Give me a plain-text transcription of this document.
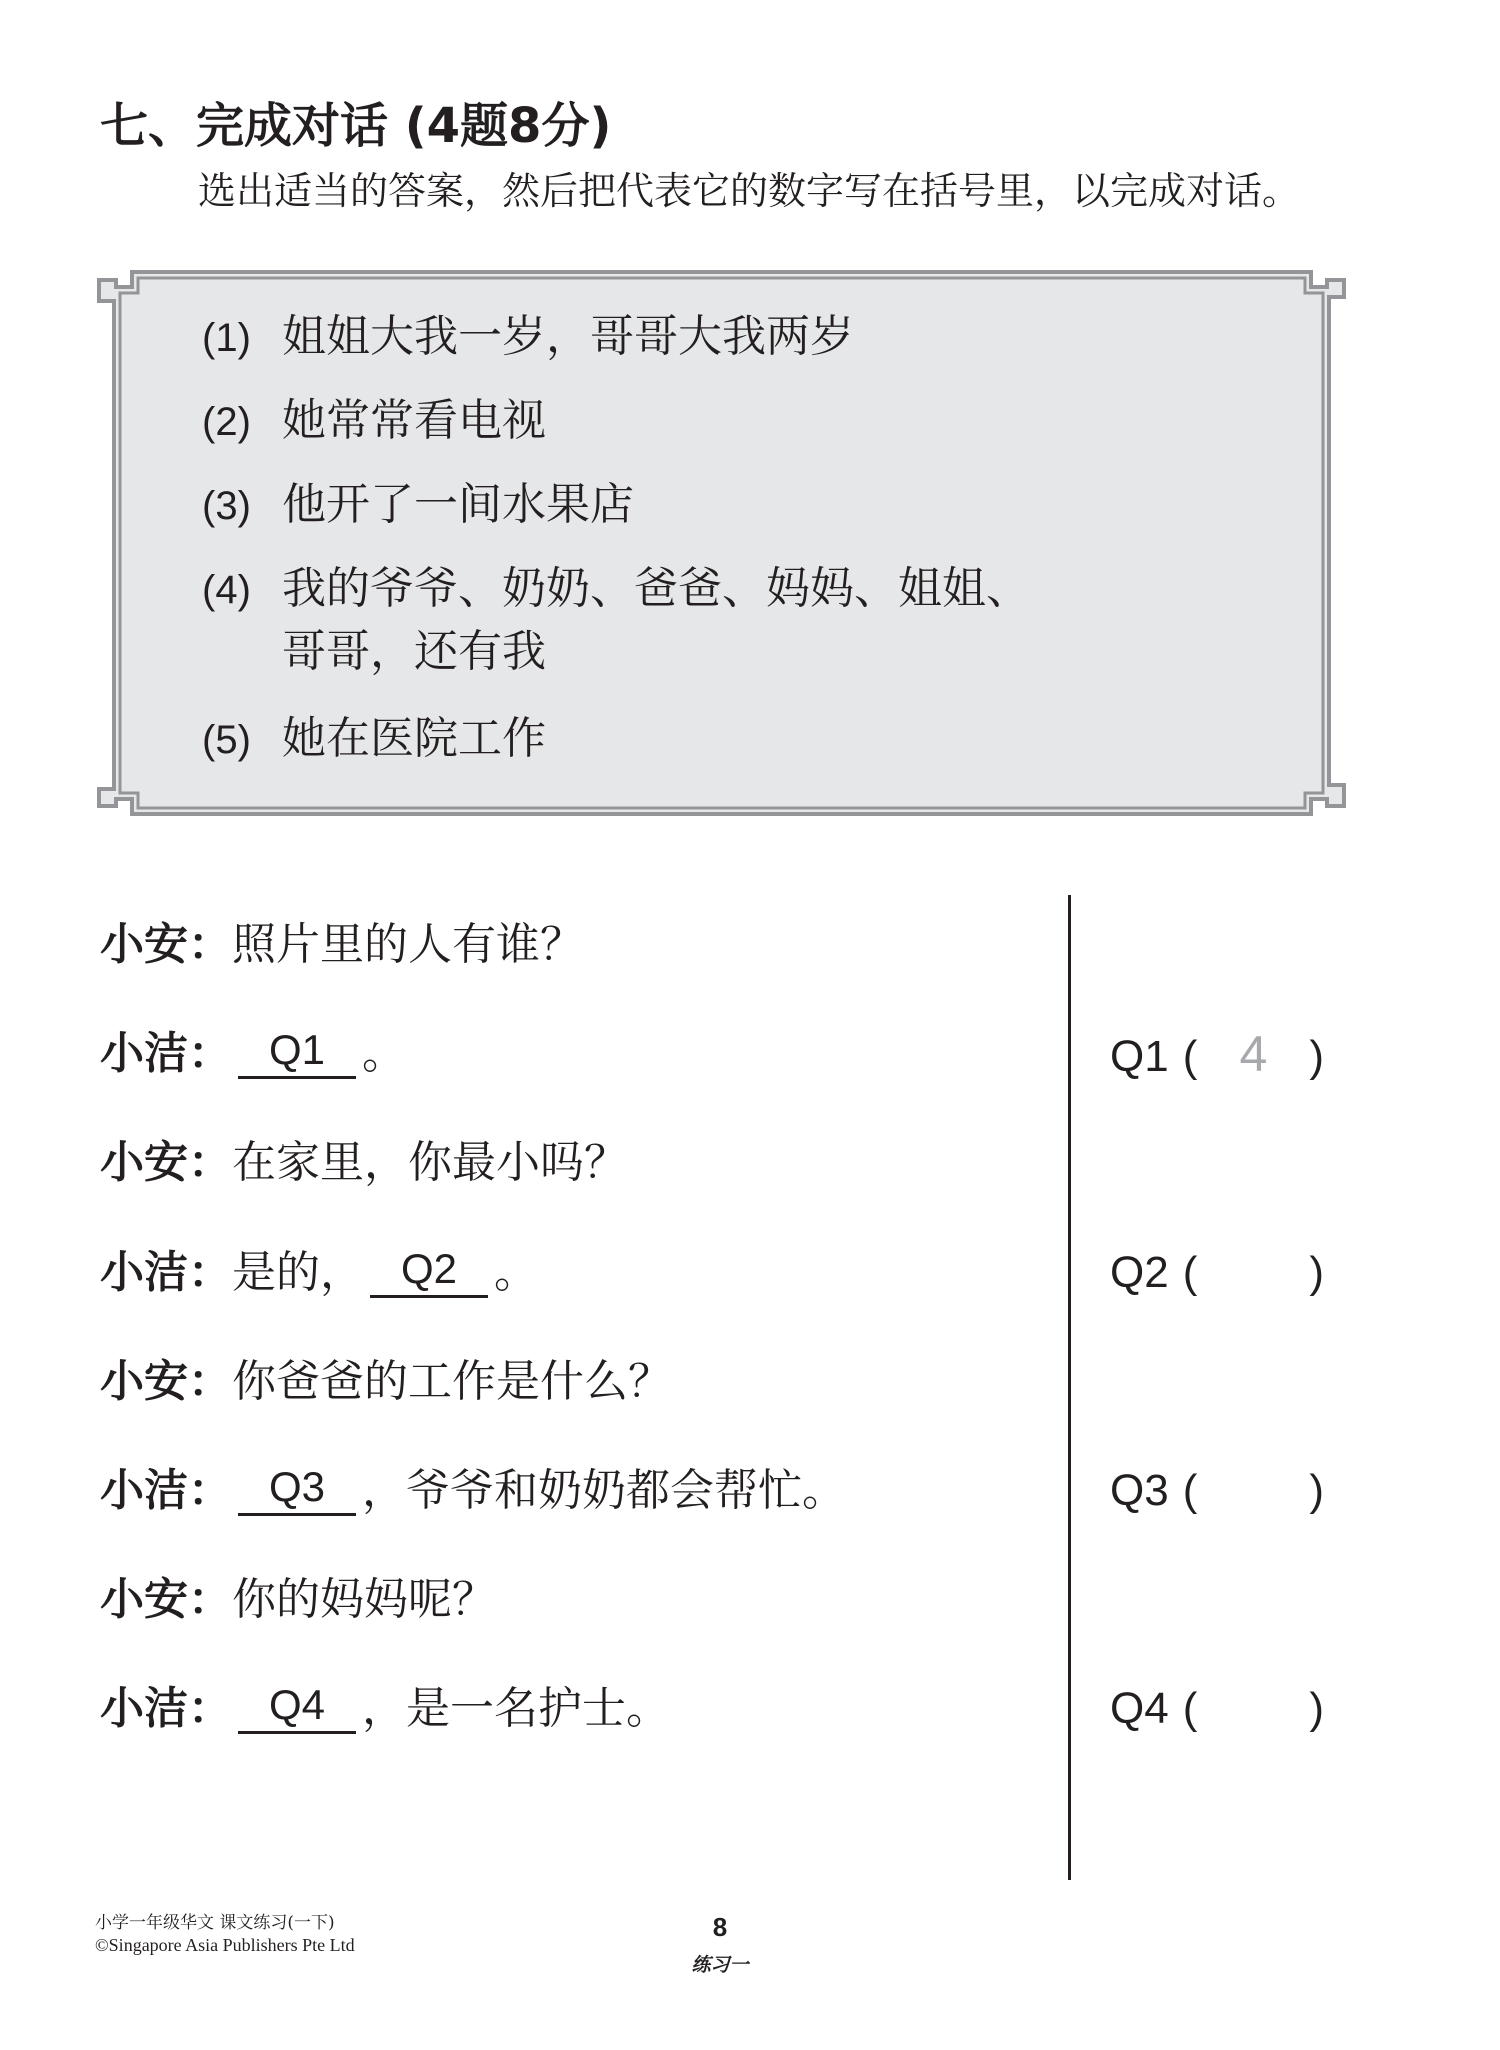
七、完成对话 (4题8分)
选出适当的答案，然后把代表它的数字写在括号里，以完成对话。
(1) 姐姐大我一岁，哥哥大我两岁
(2) 她常常看电视
(3) 他开了一间水果店
(4) 我的爷爷、奶奶、爸爸、妈妈、姐姐、
哥哥，还有我
(5) 她在医院工作
小安：照片里的人有谁？
小洁： Q1 。
小安：在家里，你最小吗？
小洁：是的， Q2 。
小安：你爸爸的工作是什么？
小洁： Q3 ，爷爷和奶奶都会帮忙。
小安：你的妈妈呢？
小洁： Q4 ，是一名护士。
Q1 ( 4 )
Q2 (	)
Q3 (	)
Q4 (	)
小学一年级华文 课文练习(一下)
©Singapore Asia Publishers Pte Ltd
8
练习一
